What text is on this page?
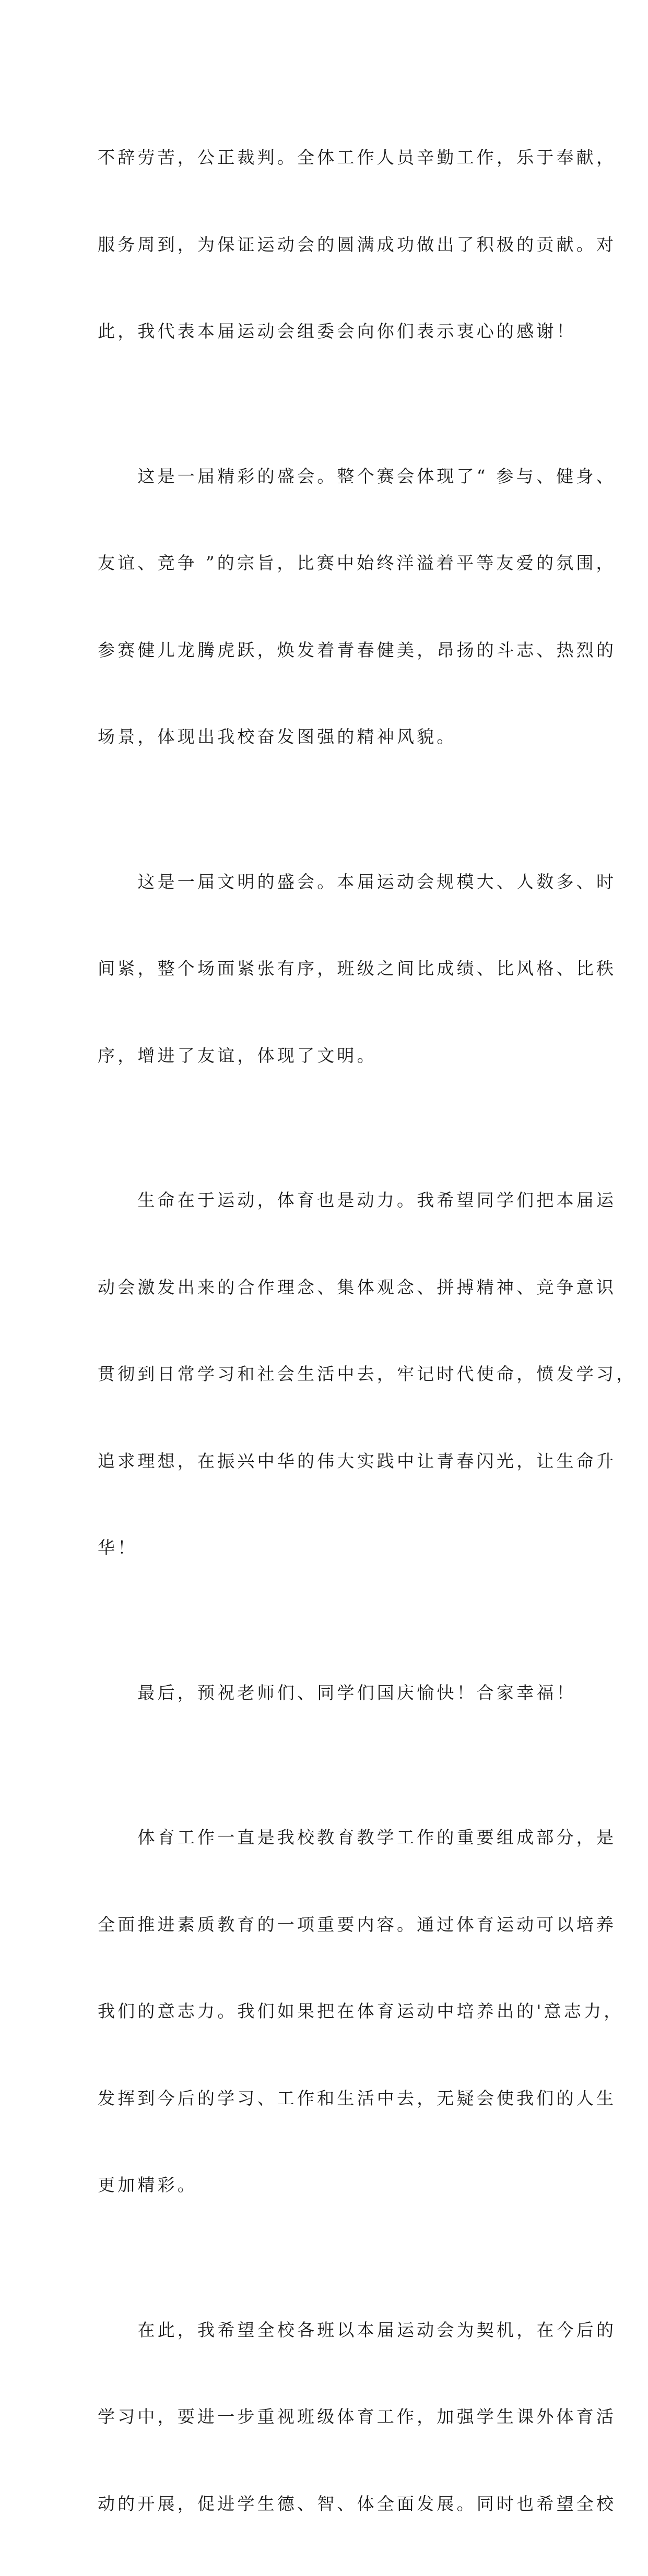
不辞劳苦，公正裁判。全体工作人员辛勤工作，乐于奉献，

服务周到，为保证运动会的圆满成功做出了积极的贡献。对

此，我代表本届运动会组委会向你们表示衷心的感谢！

　　这是一届精彩的盛会。整个赛会体现了“ 参与、健身、

友谊、竞争 ”的宗旨，比赛中始终洋溢着平等友爱的氛围，

参赛健儿龙腾虎跃，焕发着青春健美，昂扬的斗志、热烈的

场景，体现出我校奋发图强的精神风貌。

　　这是一届文明的盛会。本届运动会规模大、人数多、时

间紧，整个场面紧张有序，班级之间比成绩、比风格、比秩

序，增进了友谊，体现了文明。

　　生命在于运动，体育也是动力。我希望同学们把本届运

动会激发出来的合作理念、集体观念、拼搏精神、竞争意识

贯彻到日常学习和社会生活中去，牢记时代使命，愤发学习，

追求理想，在振兴中华的伟大实践中让青春闪光，让生命升

华！

　　最后，预祝老师们、同学们国庆愉快！合家幸福！

　　体育工作一直是我校教育教学工作的重要组成部分，是

全面推进素质教育的一项重要内容。通过体育运动可以培养

我们的意志力。我们如果把在体育运动中培养出的'意志力，

发挥到今后的学习、工作和生活中去，无疑会使我们的人生

更加精彩。

　　在此，我希望全校各班以本届运动会为契机，在今后的

学习中，要进一步重视班级体育工作，加强学生课外体育活

动的开展，促进学生德、智、体全面发展。同时也希望全校
